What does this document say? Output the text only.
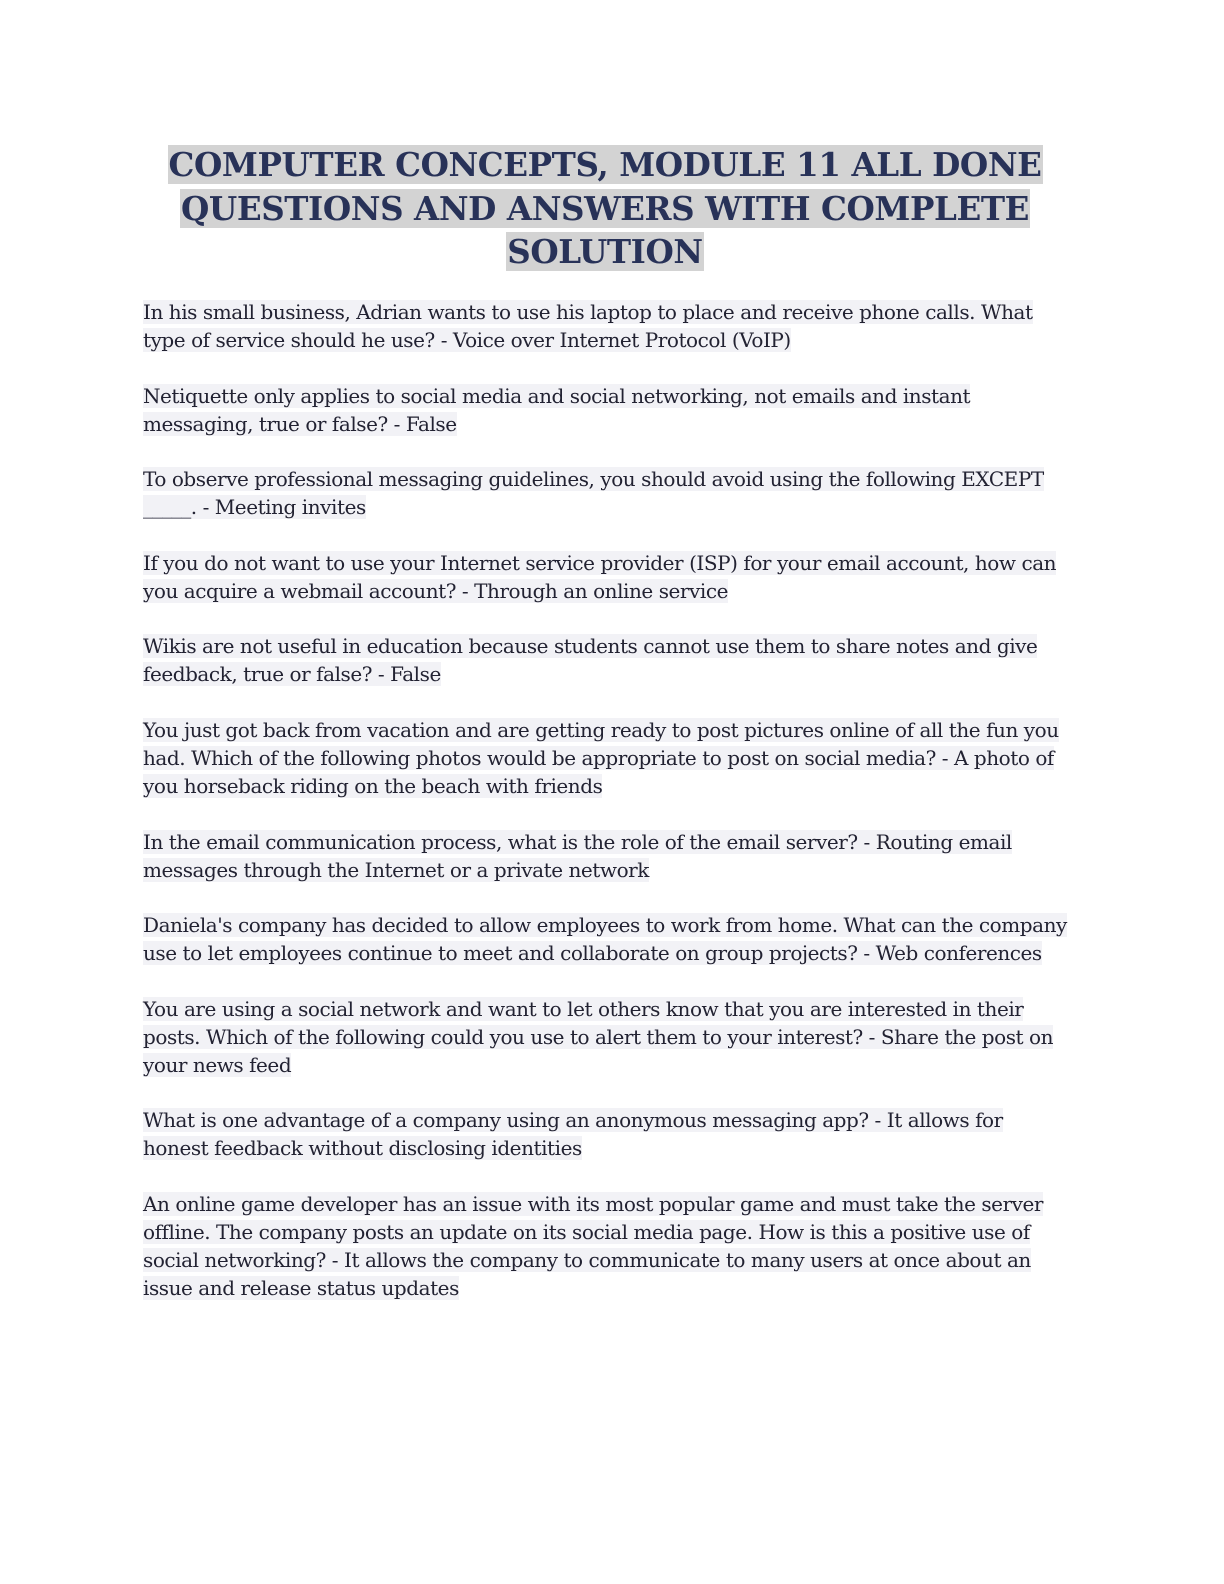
COMPUTER CONCEPTS, MODULE 11 ALL DONE
QUESTIONS AND ANSWERS WITH COMPLETE
SOLUTION

In his small business, Adrian wants to use his laptop to place and receive phone calls. What type of service should he use? - Voice over Internet Protocol (VoIP)

Netiquette only applies to social media and social networking, not emails and instant messaging, true or false? - False

To observe professional messaging guidelines, you should avoid using the following EXCEPT _____. - Meeting invites

If you do not want to use your Internet service provider (ISP) for your email account, how can you acquire a webmail account? - Through an online service

Wikis are not useful in education because students cannot use them to share notes and give feedback, true or false? - False

You just got back from vacation and are getting ready to post pictures online of all the fun you had. Which of the following photos would be appropriate to post on social media? - A photo of you horseback riding on the beach with friends

In the email communication process, what is the role of the email server? - Routing email messages through the Internet or a private network

Daniela's company has decided to allow employees to work from home. What can the company use to let employees continue to meet and collaborate on group projects? - Web conferences

You are using a social network and want to let others know that you are interested in their posts. Which of the following could you use to alert them to your interest? - Share the post on your news feed

What is one advantage of a company using an anonymous messaging app? - It allows for honest feedback without disclosing identities

An online game developer has an issue with its most popular game and must take the server offline. The company posts an update on its social media page. How is this a positive use of social networking? - It allows the company to communicate to many users at once about an issue and release status updates
